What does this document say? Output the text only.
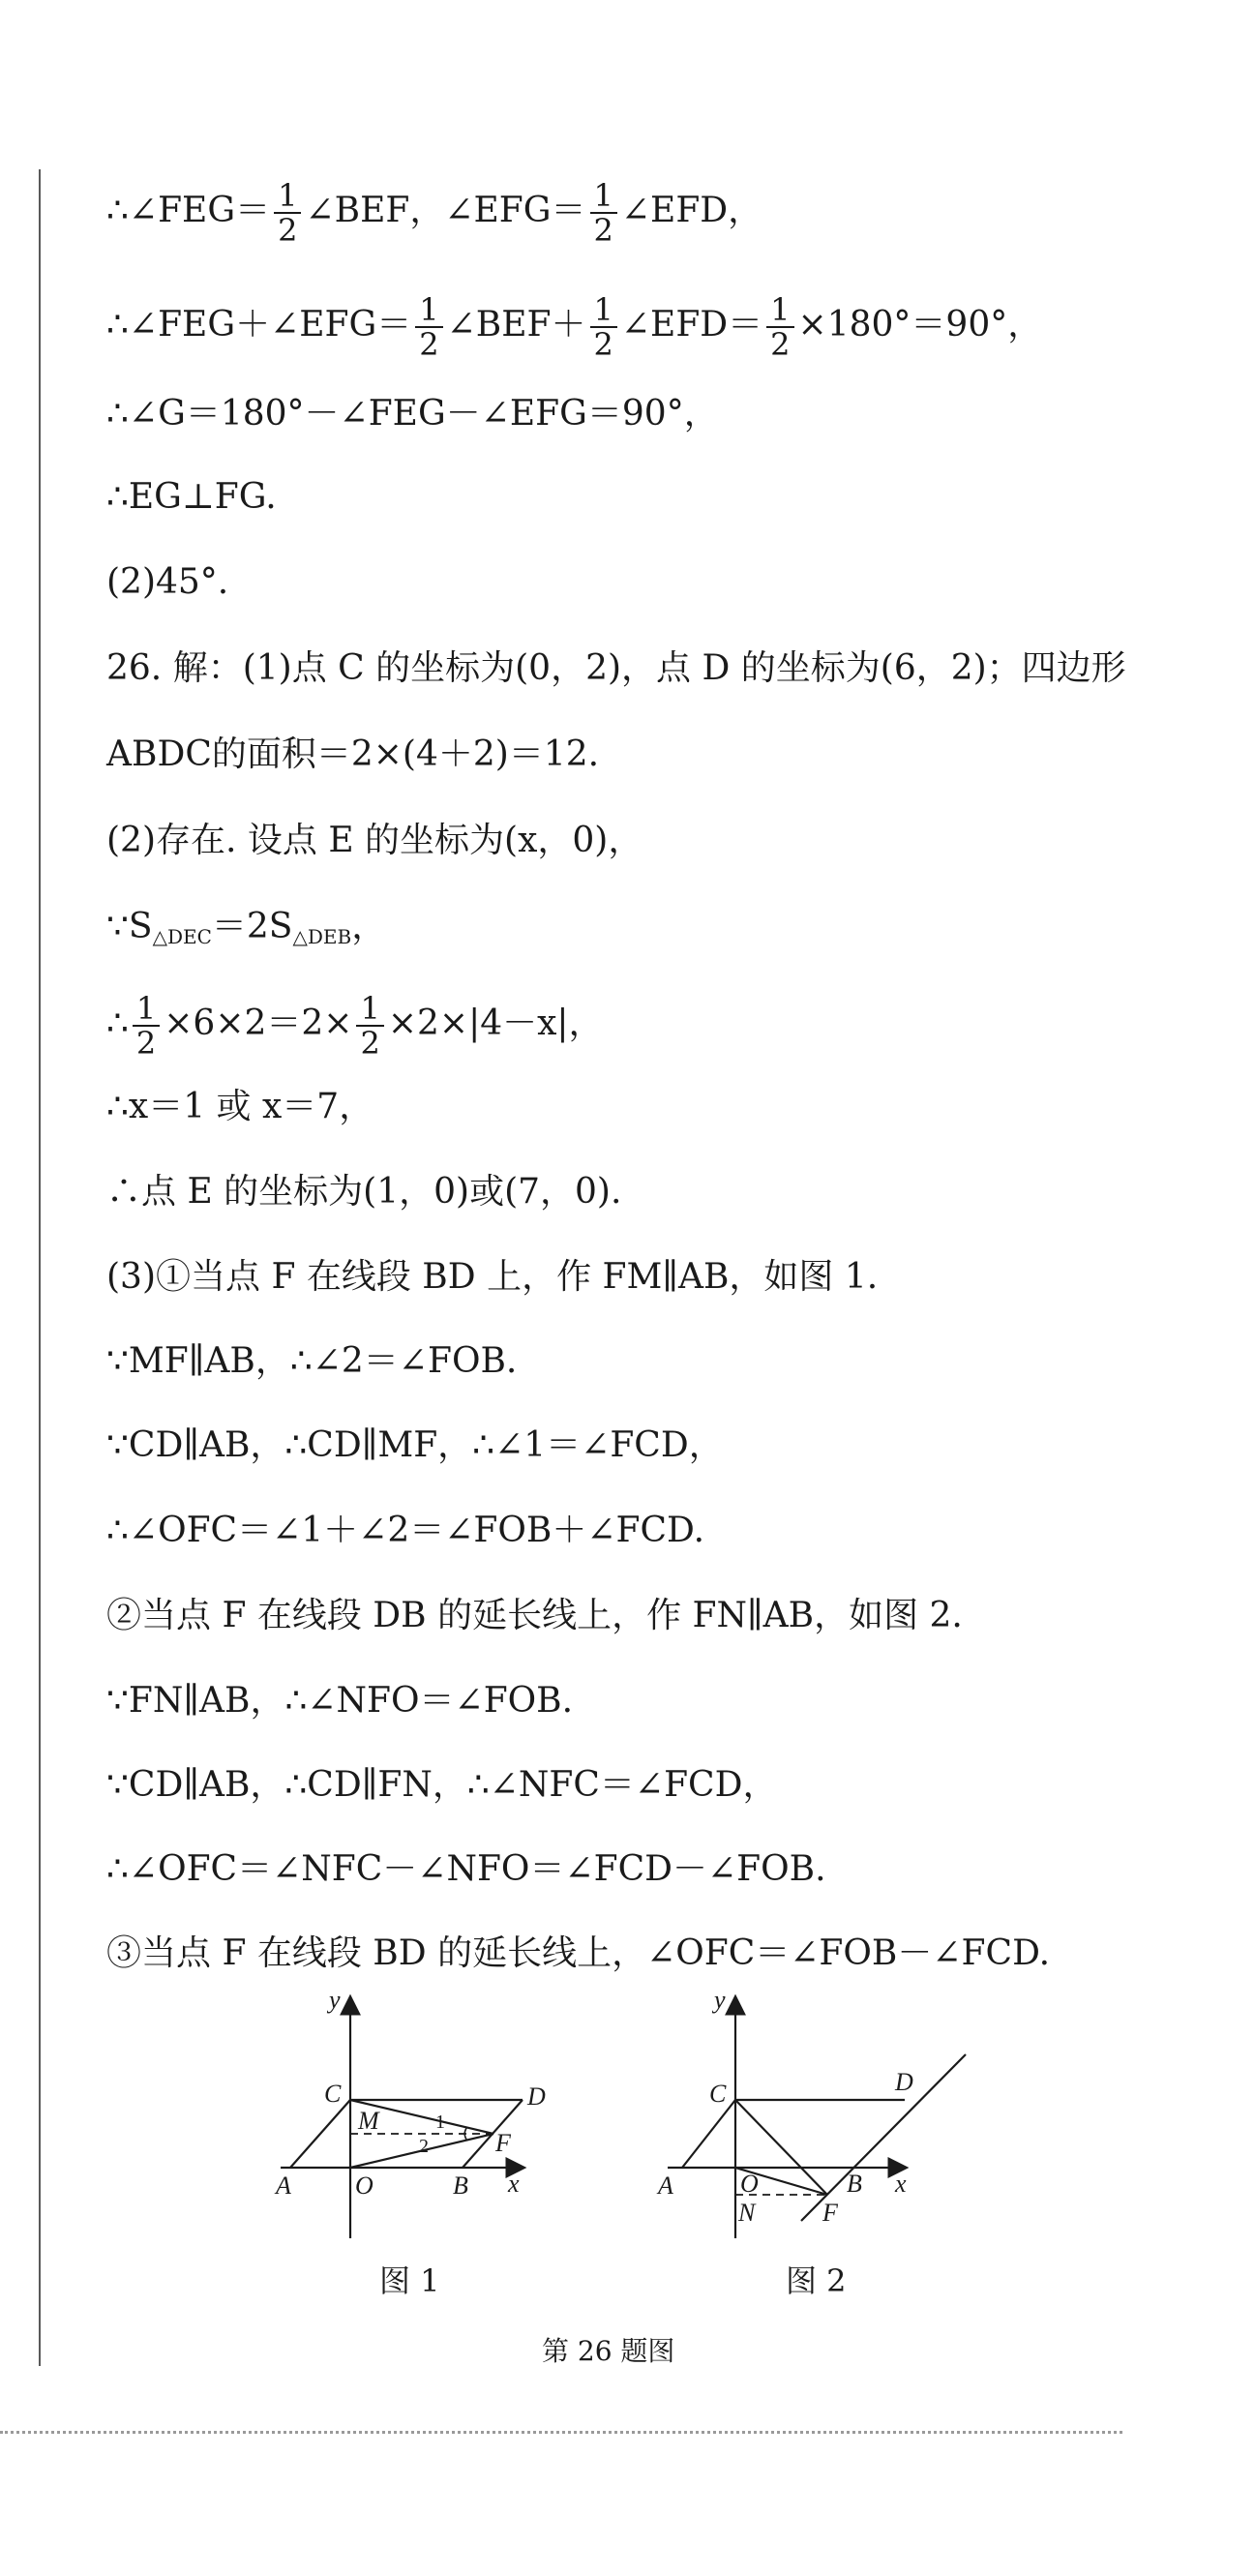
∴∠FEG＝ $\frac{1}{2}$ ∠BEF，∠EFG＝ $\frac{1}{2}$ ∠EFD，
∴∠FEG＋∠EFG＝ $\frac{1}{2}$ ∠BEF＋ $\frac{1}{2}$ ∠EFD＝ $\frac{1}{2} \times 180^\circ=90^\circ$，
∴∠G＝180°－∠FEG－∠EFG＝90°，
∴EG⊥FG.
(2)45°.
26. 解：(1)点 C 的坐标为(0，2)，点 D 的坐标为(6，2)；四边形
ABDC的面积＝2×(4＋2)＝12.
(2)存在. 设点 E 的坐标为(x，0)，
$\because S_{\triangle DEC}=2S_{\triangle DEB}$，
∴ $\frac{1}{2} \times 6\times 2=2\times \frac{1}{2} \times 2\times|4-x|$，
∴x＝1 或 x＝7，
∴点 E 的坐标为(1，0)或(7，0).
(3)①当点 F 在线段 BD 上，作 FM∥AB，如图 1.
∵MF∥AB，∴∠2＝∠FOB.
∵CD∥AB，∴CD∥MF，∴∠1＝∠FCD，
∴∠OFC＝∠1＋∠2＝∠FOB＋∠FCD.
②当点 F 在线段 DB 的延长线上，作 FN∥AB，如图 2.
∵FN∥AB，∴∠NFO＝∠FOB.
∵CD∥AB，∴CD∥FN，∴∠NFC＝∠FCD，
∴∠OFC＝∠NFC－∠NFO＝∠FCD－∠FOB.
③当点 F 在线段 BD 的延长线上，∠OFC＝∠FOB－∠FCD.
y
x
C	D
M
F
A	O	B
1
2
图 1
y
x
C	D
A	O	B
N	F
图 2
第 26 题图
